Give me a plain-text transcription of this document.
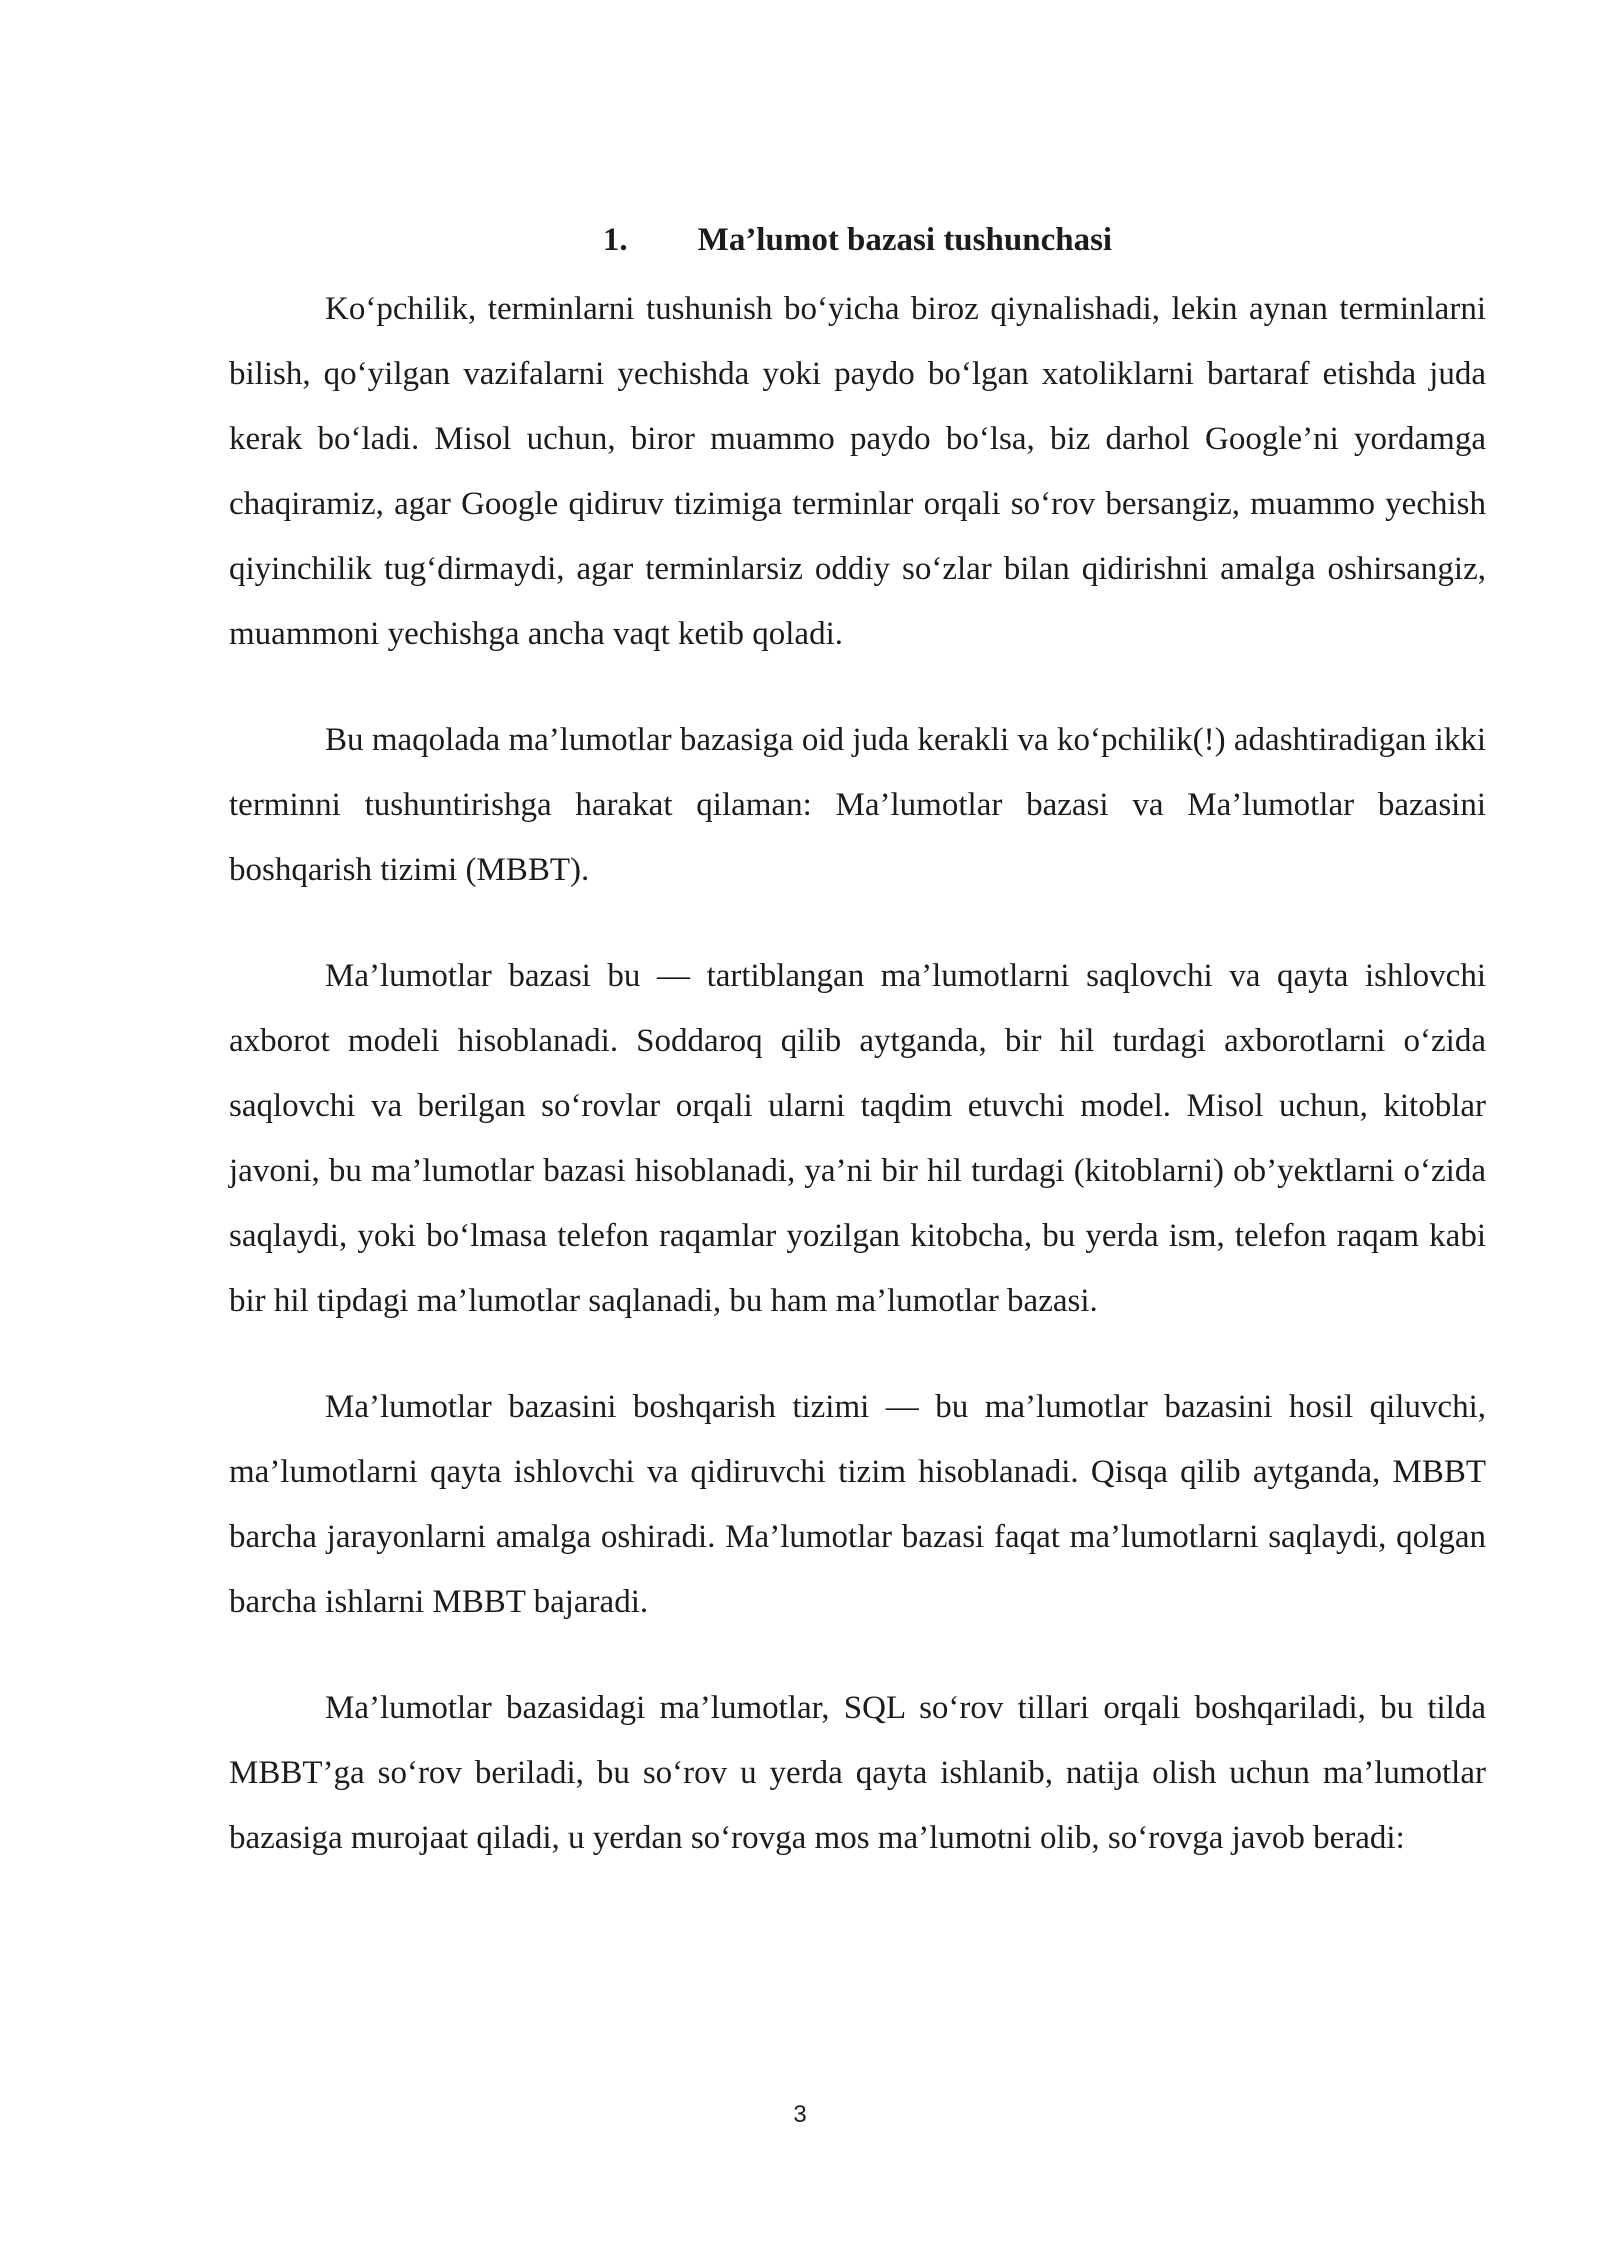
1. Ma’lumot bazasi tushunchasi

Ko‘pchilik, terminlarni tushunish bo‘yicha biroz qiynalishadi, lekin aynan terminlarni bilish, qo‘yilgan vazifalarni yechishda yoki paydo bo‘lgan xatoliklarni bartaraf etishda juda kerak bo‘ladi. Misol uchun, biror muammo paydo bo‘lsa, biz darhol Google’ni yordamga chaqiramiz, agar Google qidiruv tizimiga terminlar orqali so‘rov bersangiz, muammo yechish qiyinchilik tug‘dirmaydi, agar terminlarsiz oddiy so‘zlar bilan qidirishni amalga oshirsangiz, muammoni yechishga ancha vaqt ketib qoladi.

Bu maqolada ma’lumotlar bazasiga oid juda kerakli va ko‘pchilik(!) adashtiradigan ikki terminni tushuntirishga harakat qilaman: Ma’lumotlar bazasi va Ma’lumotlar bazasini boshqarish tizimi (MBBT).

Ma’lumotlar bazasi bu — tartiblangan ma’lumotlarni saqlovchi va qayta ishlovchi axborot modeli hisoblanadi. Soddaroq qilib aytganda, bir hil turdagi axborotlarni o‘zida saqlovchi va berilgan so‘rovlar orqali ularni taqdim etuvchi model. Misol uchun, kitoblar javoni, bu ma’lumotlar bazasi hisoblanadi, ya’ni bir hil turdagi (kitoblarni) ob’yektlarni o‘zida saqlaydi, yoki bo‘lmasa telefon raqamlar yozilgan kitobcha, bu yerda ism, telefon raqam kabi bir hil tipdagi ma’lumotlar saqlanadi, bu ham ma’lumotlar bazasi.

Ma’lumotlar bazasini boshqarish tizimi — bu ma’lumotlar bazasini hosil qiluvchi, ma’lumotlarni qayta ishlovchi va qidiruvchi tizim hisoblanadi. Qisqa qilib aytganda, MBBT barcha jarayonlarni amalga oshiradi. Ma’lumotlar bazasi faqat ma’lumotlarni saqlaydi, qolgan barcha ishlarni MBBT bajaradi.

Ma’lumotlar bazasidagi ma’lumotlar, SQL so‘rov tillari orqali boshqariladi, bu tilda MBBT’ga so‘rov beriladi, bu so‘rov u yerda qayta ishlanib, natija olish uchun ma’lumotlar bazasiga murojaat qiladi, u yerdan so‘rovga mos ma’lumotni olib, so‘rovga javob beradi:

3
